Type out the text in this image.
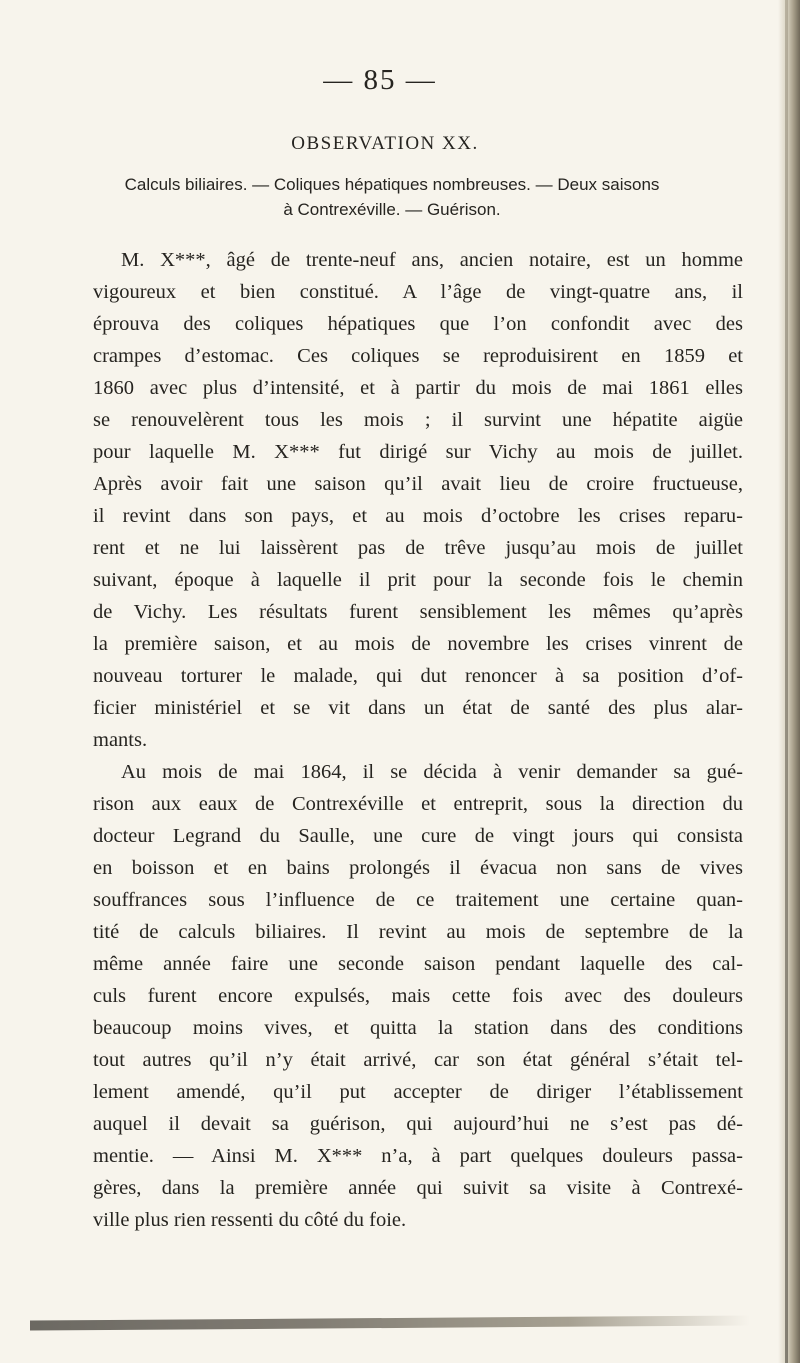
— 85 —
OBSERVATION XX.
Calculs biliaires. — Coliques hépatiques nombreuses. — Deux saisons
à Contrexéville. — Guérison.
M. X***, âgé de trente-neuf ans, ancien notaire, est un homme
vigoureux et bien constitué. A l’âge de vingt-quatre ans, il
éprouva des coliques hépatiques que l’on confondit avec des
crampes d’estomac. Ces coliques se reproduisirent en 1859 et
1860 avec plus d’intensité, et à partir du mois de mai 1861 elles
se renouvelèrent tous les mois ; il survint une hépatite aigüe
pour laquelle M. X*** fut dirigé sur Vichy au mois de juillet.
Après avoir fait une saison qu’il avait lieu de croire fructueuse,
il revint dans son pays, et au mois d’octobre les crises reparu-
rent et ne lui laissèrent pas de trêve jusqu’au mois de juillet
suivant, époque à laquelle il prit pour la seconde fois le chemin
de Vichy. Les résultats furent sensiblement les mêmes qu’après
la première saison, et au mois de novembre les crises vinrent de
nouveau torturer le malade, qui dut renoncer à sa position d’of-
ficier ministériel et se vit dans un état de santé des plus alar-
mants.
Au mois de mai 1864, il se décida à venir demander sa gué-
rison aux eaux de Contrexéville et entreprit, sous la direction du
docteur Legrand du Saulle, une cure de vingt jours qui consista
en boisson et en bains prolongés il évacua non sans de vives
souffrances sous l’influence de ce traitement une certaine quan-
tité de calculs biliaires. Il revint au mois de septembre de la
même année faire une seconde saison pendant laquelle des cal-
culs furent encore expulsés, mais cette fois avec des douleurs
beaucoup moins vives, et quitta la station dans des conditions
tout autres qu’il n’y était arrivé, car son état général s’était tel-
lement amendé, qu’il put accepter de diriger l’établissement
auquel il devait sa guérison, qui aujourd’hui ne s’est pas dé-
mentie. — Ainsi M. X*** n’a, à part quelques douleurs passa-
gères, dans la première année qui suivit sa visite à Contrexé-
ville plus rien ressenti du côté du foie.
